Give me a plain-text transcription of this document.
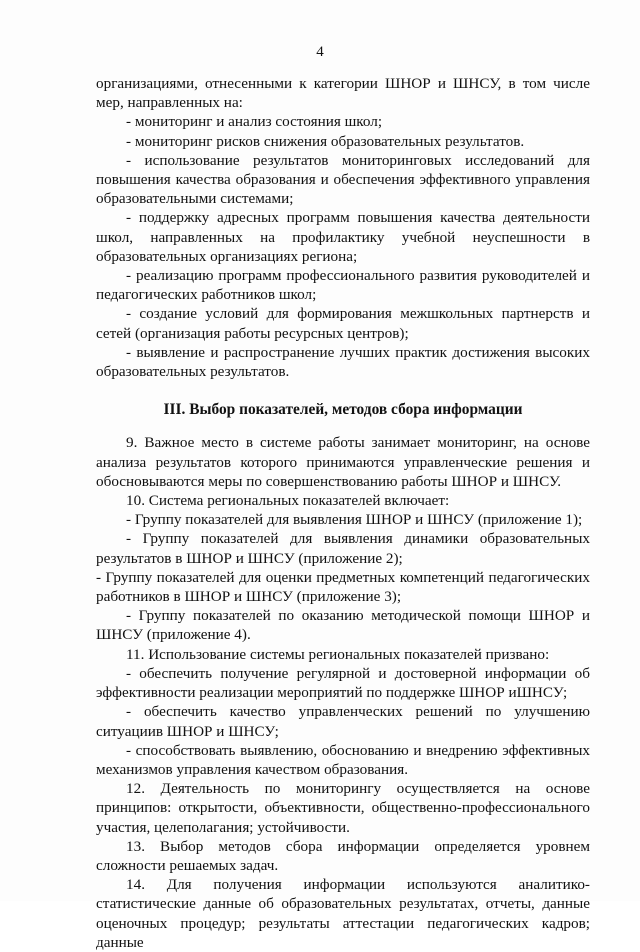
4

организациями, отнесенными к категории ШНОР и ШНСУ, в том числе мер, направленных на:

- мониторинг и анализ состояния школ;

- мониторинг рисков снижения образовательных результатов.

- использование результатов мониторинговых исследований для повышения качества образования и обеспечения эффективного управления образовательными системами;

- поддержку адресных программ повышения качества деятельности школ, направленных на профилактику учебной неуспешности в образовательных организациях региона;

- реализацию программ профессионального развития руководителей и педагогических работников школ;

- создание условий для формирования межшкольных партнерств и сетей (организация работы ресурсных центров);

- выявление и распространение лучших практик достижения высоких образовательных результатов.

III. Выбор показателей, методов сбора информации

9. Важное место в системе работы занимает мониторинг, на основе анализа результатов которого принимаются управленческие решения и обосновываются меры по совершенствованию работы ШНОР и ШНСУ.

10. Система региональных показателей включает:

- Группу показателей для выявления ШНОР и ШНСУ (приложение 1);

- Группу показателей для выявления динамики образовательных результатов в ШНОР и ШНСУ (приложение 2);

- Группу показателей для оценки предметных компетенций педагогических работников в ШНОР и ШНСУ (приложение 3);

- Группу показателей по оказанию методической помощи ШНОР и ШНСУ (приложение 4).

11. Использование системы региональных показателей призвано:

- обеспечить получение регулярной и достоверной информации об эффективности реализации мероприятий по поддержке ШНОР иШНСУ;

- обеспечить качество управленческих решений по улучшению ситуациив ШНОР и ШНСУ;

- способствовать выявлению, обоснованию и внедрению эффективных механизмов управления качеством образования.

12. Деятельность по мониторингу осуществляется на основе принципов: открытости, объективности, общественно-профессионального участия, целеполагания; устойчивости.

13. Выбор методов сбора информации определяется уровнем сложности решаемых задач.

14. Для получения информации используются аналитико-статистические данные об образовательных результатах, отчеты, данные оценочных процедур; результаты аттестации педагогических кадров; данные
